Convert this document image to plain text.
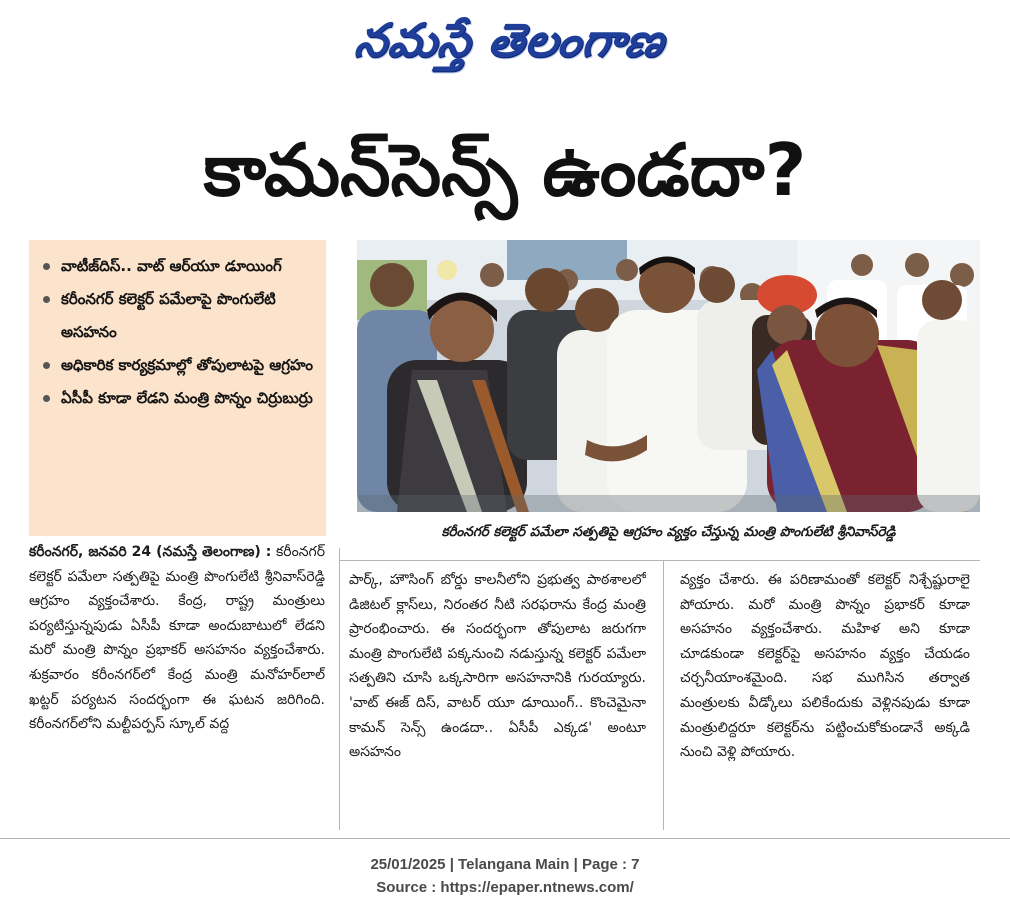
నమస్తే తెలంగాణ
కామన్‌సెన్స్ ఉండదా?
వాటీజ్‌దిస్.. వాట్ ఆర్‌యూ డూయింగ్
కరీంనగర్ కలెక్టర్ పమేలాపై పొంగులేటి అసహనం
అధికారిక కార్యక్రమాల్లో తోపులాటపై ఆగ్రహం
ఏసీపీ కూడా లేడని మంత్రి పొన్నం చిర్రుబుర్రు
కరీంనగర్ కలెక్టర్ పమేలా సత్పతిపై ఆగ్రహం వ్యక్తం చేస్తున్న మంత్రి పొంగులేటి శ్రీనివాస్‌రెడ్డి

కరీంనగర్, జనవరి 24 (నమస్తే తెలంగాణ) : కరీంనగర్ కలెక్టర్ పమేలా సత్పతిపై మంత్రి పొంగులేటి శ్రీనివాస్‌రెడ్డి ఆగ్రహం వ్యక్తంచేశారు. కేంద్ర, రాష్ట్ర మంత్రులు పర్యటిస్తున్నపుడు ఏసీపీ కూడా అందుబాటులో లేడని మరో మంత్రి పొన్నం ప్రభాకర్ అసహనం వ్యక్తంచేశారు. శుక్రవారం కరీంనగర్‌లో కేంద్ర మంత్రి మనోహర్‌లాల్ ఖట్టర్ పర్యటన సందర్భంగా ఈ ఘటన జరిగింది. కరీంనగర్‌లోని మల్టీపర్పస్ స్కూల్ వద్ద

పార్క్, హౌసింగ్ బోర్డు కాలనీలోని ప్రభుత్వ పాఠశాలలో డిజిటల్ క్లాస్‌లు, నిరంతర నీటి సరఫరాను కేంద్ర మంత్రి ప్రారంభించారు. ఈ సందర్భంగా తోపులాట జరుగగా మంత్రి పొంగులేటి పక్కనుంచి నడుస్తున్న కలెక్టర్ పమేలా సత్పతిని చూసి ఒక్కసారిగా అసహనానికి గురయ్యారు. 'వాట్ ఈజ్ దిస్, వాటర్ యూ డూయింగ్.. కొంచెమైనా కామన్ సెన్స్ ఉండదా.. ఏసీపీ ఎక్కడ' అంటూ అసహనం

వ్యక్తం చేశారు. ఈ పరిణామంతో కలెక్టర్ నిశ్చేష్టురాలై పోయారు. మరో మంత్రి పొన్నం ప్రభాకర్ కూడా అసహనం వ్యక్తంచేశారు. మహిళ అని కూడా చూడకుండా కలెక్టర్‌పై అసహనం వ్యక్తం చేయడం చర్చనీయాంశమైంది. సభ ముగిసిన తర్వాత మంత్రులకు వీడ్కోలు పలికేందుకు వెళ్లినపుడు కూడా మంత్రులిద్దరూ కలెక్టర్‌ను పట్టించుకోకుండానే అక్కడి నుంచి వెళ్లి పోయారు.

25/01/2025 | Telangana Main | Page : 7
Source : https://epaper.ntnews.com/
